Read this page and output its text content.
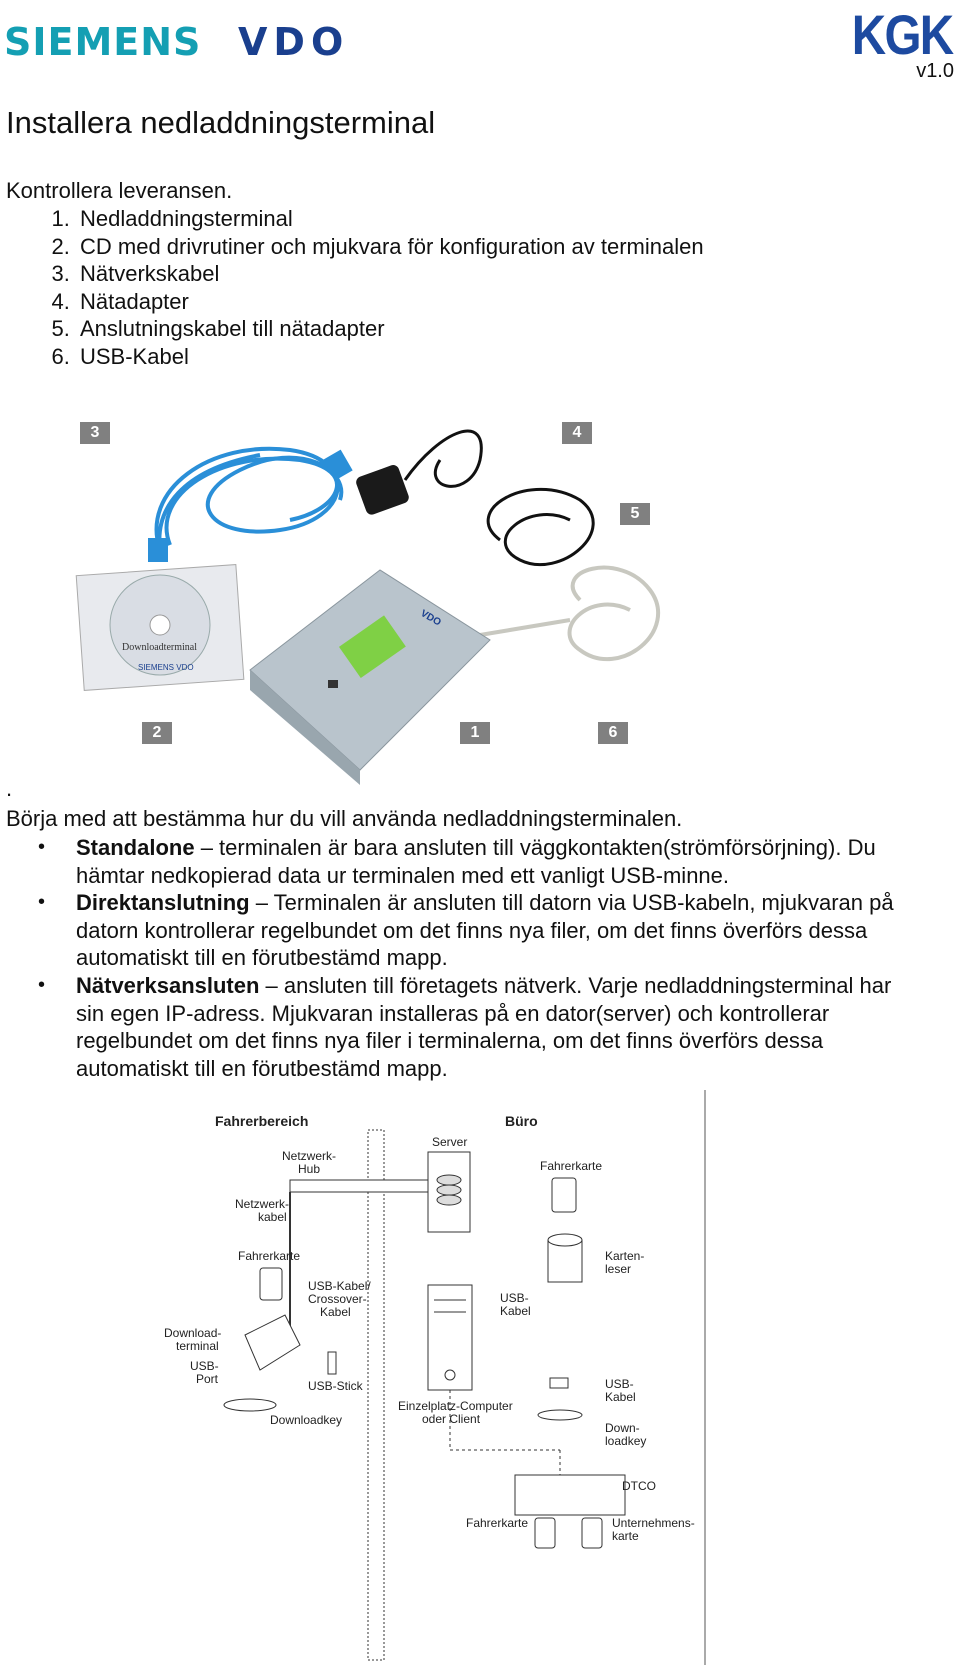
SIEMENS VDO	KGK
v1.0
Installera nedladdningsterminal

Kontrollera leveransen.

1. Nedladdningsterminal
2. CD med drivrutiner och mjukvara för konfiguration av terminalen
3. Nätverkskabel
4. Nätadapter
5. Anslutningskabel till nätadapter
6. USB-Kabel
Downloadterminal
SIEMENS VDO
VDO
3	4
5
2	1	6
.

Börja med att bestämma hur du vill använda nedladdningsterminalen.

• Standalone – terminalen är bara ansluten till väggkontakten(strömförsörjning). Du hämtar nedkopierad data ur terminalen med ett vanligt USB-minne.
• Direktanslutning – Terminalen är ansluten till datorn via USB-kabeln, mjukvaran på datorn kontrollerar regelbundet om det finns nya filer, om det finns överförs dessa automatiskt till en förutbestämd mapp.
• Nätverksansluten – ansluten till företagets nätverk. Varje nedladdningsterminal har sin egen IP-adress. Mjukvaran installeras på en dator(server) och kontrollerar regelbundet om det finns nya filer i terminalerna, om det finns överförs dessa automatiskt till en förutbestämd mapp.
Fahrerbereich	Büro
Netzwerk-
Hub
Server
Netzwerk-
kabel
Fahrerkarte
Karten-
leser
Fahrerkarte
USB-Kabel/
Crossover-
Kabel
USB-
Kabel
Einzelplatz-Computer
oder Client
Download-
terminal
USB-
Port	USB-Stick
Downloadkey
USB-
Kabel
Down-
loadkey
DTCO
Fahrerkarte	Unternehmens-
karte
